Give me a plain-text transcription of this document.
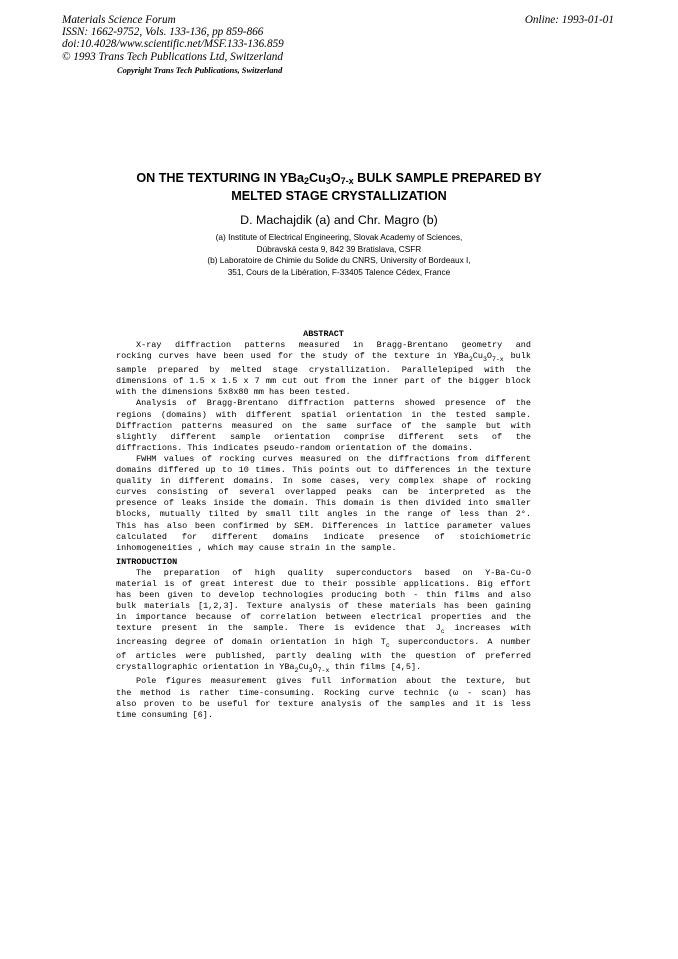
Materials Science Forum
ISSN: 1662-9752, Vols. 133-136, pp 859-866
doi:10.4028/www.scientific.net/MSF.133-136.859
© 1993 Trans Tech Publications Ltd, Switzerland
Online: 1993-01-01
Copyright Trans Tech Publications, Switzerland
ON THE TEXTURING IN $YBa_2Cu_3O_{7-x}$ BULK SAMPLE PREPARED BY
MELTED STAGE CRYSTALLIZATION
D. Machajdik (a) and Chr. Magro (b)
(a) Institute of Electrical Engineering, Slovak Academy of Sciences,
Dúbravská cesta 9, 842 39 Bratislava, CSFR
(b) Laboratoire de Chimie du Solide du CNRS, University of Bordeaux I,
351, Cours de la Libération, F-33405 Talence Cédex, France
ABSTRACT
X-ray diffraction patterns measured in Bragg-Brentano geometry and
rocking curves have been used for the study of the texture in $YBa_2Cu_3O_{7-x}$ bulk
sample prepared by melted stage crystallization. Parallelepiped with the
dimensions of 1.5 x 1.5 x 7 mm cut out from the inner part of the bigger block
with the dimensions 5x8x80 mm has been tested.
Analysis of Bragg-Brentano diffraction patterns showed presence of the
regions (domains) with different spatial orientation in the tested sample.
Diffraction patterns measured on the same surface of the sample but with
slightly different sample orientation comprise different sets of the
diffractions. This indicates pseudo-random orientation of the domains.
FWHM values of rocking curves measured on the diffractions from different
domains differed up to 10 times. This points out to differences in the texture
quality in different domains. In some cases, very complex shape of rocking
curves consisting of several overlapped peaks can be interpreted as the
presence of leaks inside the domain. This domain is then divided into smaller
blocks, mutually tilted by small tilt angles in the range of less than 2°.
This has also been confirmed by SEM. Differences in lattice parameter values
calculated for different domains indicate presence of stoichiometric
inhomogeneities , which may cause strain in the sample.
INTRODUCTION
The preparation of high quality superconductors based on Y-Ba-Cu-O
material is of great interest due to their possible applications. Big effort
has been given to develop technologies producing both - thin films and also
bulk materials [1,2,3]. Texture analysis of these materials has been gaining
in importance because of correlation between electrical properties and the
texture present in the sample. There is evidence that $J_c$ increases with
increasing degree of domain orientation in high $T_c$ superconductors. A number
of articles were published, partly dealing with the question of preferred
crystallographic orientation in $YBa_2Cu_3O_{7-x}$ thin films [4,5].
Pole figures measurement gives full information about the texture, but
the method is rather time-consuming. Rocking curve technic (ω - scan) has
also proven to be useful for texture analysis of the samples and it is less
time consuming [6].
